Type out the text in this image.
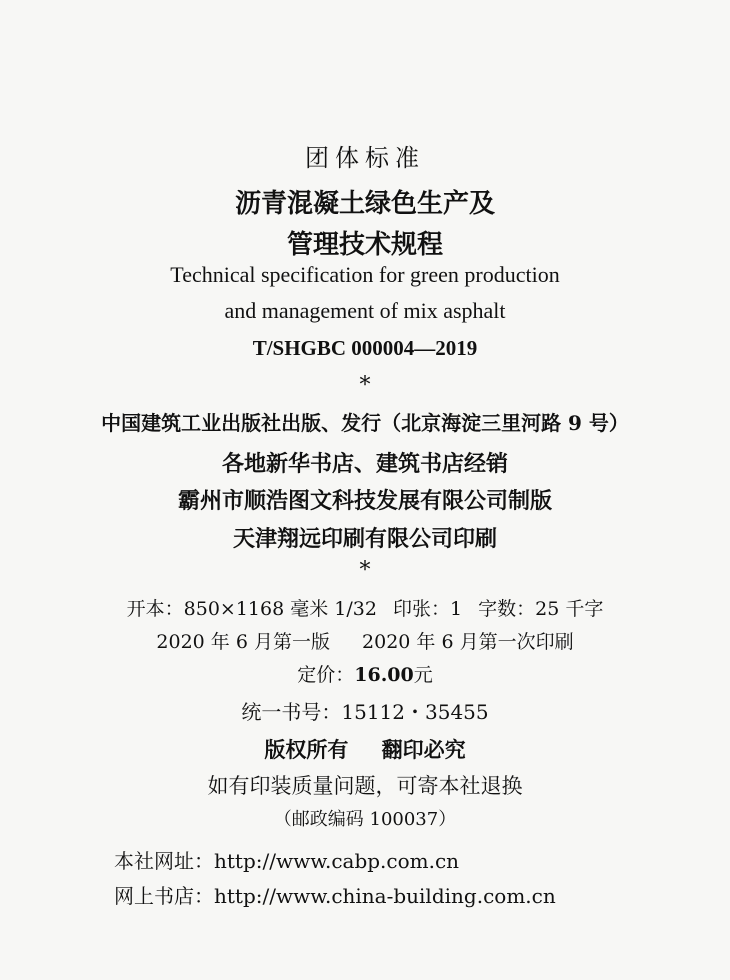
团体标准
沥青混凝土绿色生产及
管理技术规程
Technical specification for green production
and management of mix asphalt
T/SHGBC 000004—2019
*
中国建筑工业出版社出版、发行（北京海淀三里河路 9 号）
各地新华书店、建筑书店经销
霸州市顺浩图文科技发展有限公司制版
天津翔远印刷有限公司印刷
*
开本：850×1168 毫米 1/32 印张：1 字数：25 千字
2020 年 6 月第一版 2020 年 6 月第一次印刷
定价：16.00元
统一书号：15112・35455
版权所有 翻印必究
如有印装质量问题，可寄本社退换
（邮政编码 100037）
本社网址：http://www.cabp.com.cn
网上书店：http://www.china-building.com.cn
